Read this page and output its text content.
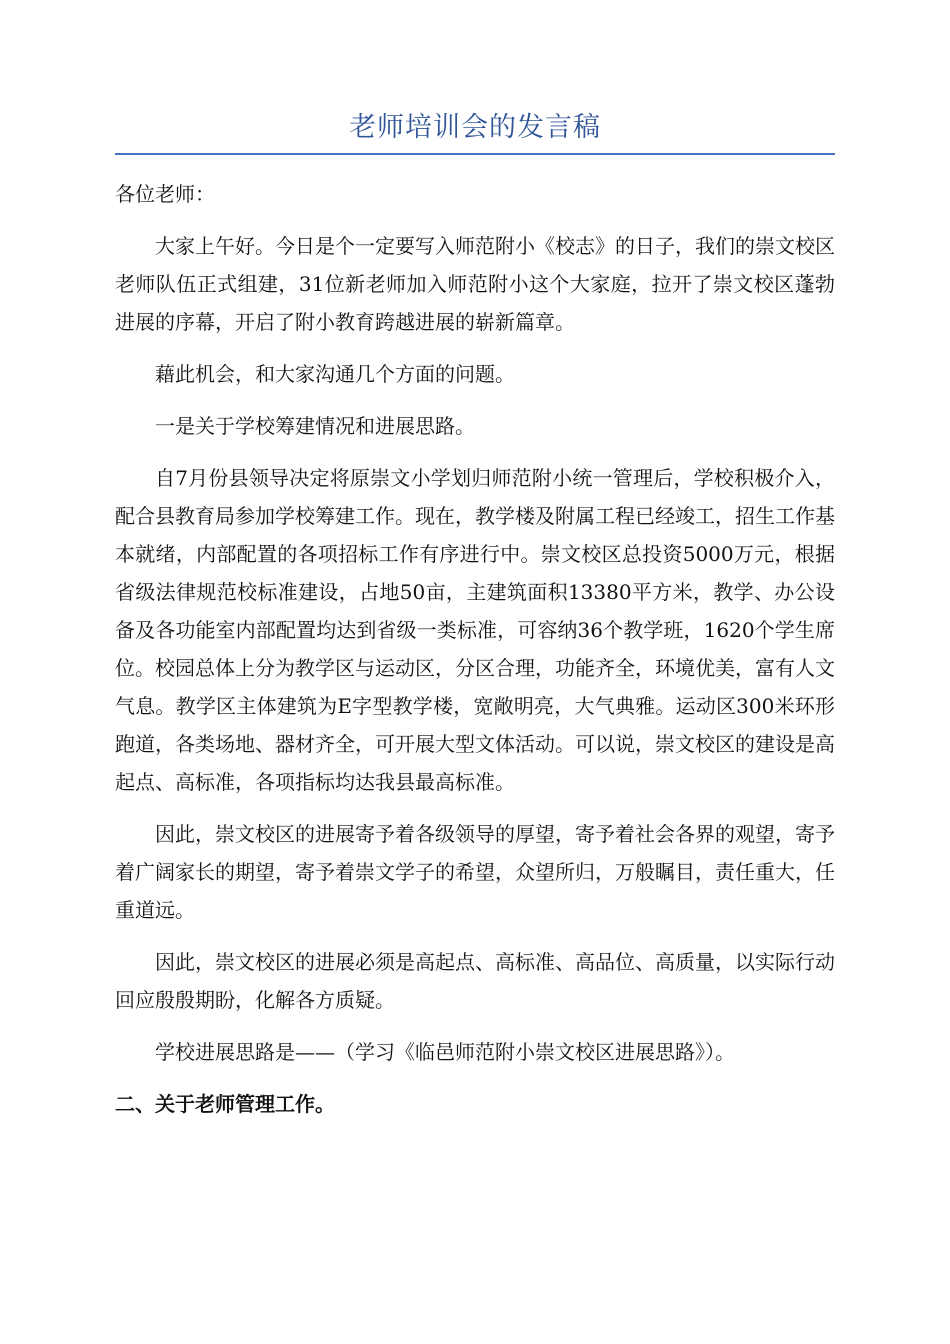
老师培训会的发言稿

各位老师：

大家上午好。今日是个一定要写入师范附小《校志》的日子，我们的崇文校区老师队伍正式组建，31位新老师加入师范附小这个大家庭，拉开了崇文校区蓬勃进展的序幕，开启了附小教育跨越进展的崭新篇章。

藉此机会，和大家沟通几个方面的问题。

一是关于学校筹建情况和进展思路。

自7月份县领导决定将原崇文小学划归师范附小统一管理后，学校积极介入，配合县教育局参加学校筹建工作。现在，教学楼及附属工程已经竣工，招生工作基本就绪，内部配置的各项招标工作有序进行中。崇文校区总投资5000万元，根据省级法律规范校标准建设，占地50亩，主建筑面积13380平方米，教学、办公设备及各功能室内部配置均达到省级一类标准，可容纳36个教学班，1620个学生席位。校园总体上分为教学区与运动区，分区合理，功能齐全，环境优美，富有人文气息。教学区主体建筑为E字型教学楼，宽敞明亮，大气典雅。运动区300米环形跑道，各类场地、器材齐全，可开展大型文体活动。可以说，崇文校区的建设是高起点、高标准，各项指标均达我县最高标准。

因此，崇文校区的进展寄予着各级领导的厚望，寄予着社会各界的观望，寄予着广阔家长的期望，寄予着崇文学子的希望，众望所归，万般瞩目，责任重大，任重道远。

因此，崇文校区的进展必须是高起点、高标准、高品位、高质量，以实际行动回应殷殷期盼，化解各方质疑。

学校进展思路是——（学习《临邑师范附小崇文校区进展思路》）。

二、关于老师管理工作。
